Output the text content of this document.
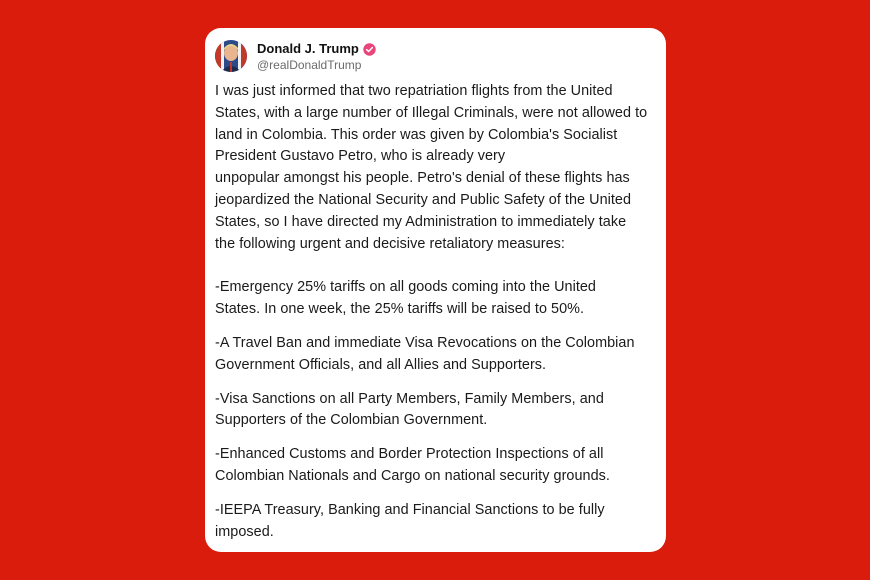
Donald J. Trump
@realDonaldTrump

I was just informed that two repatriation flights from the United
States, with a large number of Illegal Criminals, were not allowed to
land in Colombia. This order was given by Colombia's Socialist
President Gustavo Petro, who is already very
unpopular amongst his people. Petro's denial of these flights has
jeopardized the National Security and Public Safety of the United
States, so I have directed my Administration to immediately take
the following urgent and decisive retaliatory measures:

-Emergency 25% tariffs on all goods coming into the United
States. In one week, the 25% tariffs will be raised to 50%.

-A Travel Ban and immediate Visa Revocations on the Colombian
Government Officials, and all Allies and Supporters.

-Visa Sanctions on all Party Members, Family Members, and
Supporters of the Colombian Government.

-Enhanced Customs and Border Protection Inspections of all
Colombian Nationals and Cargo on national security grounds.

-IEEPA Treasury, Banking and Financial Sanctions to be fully
imposed.
